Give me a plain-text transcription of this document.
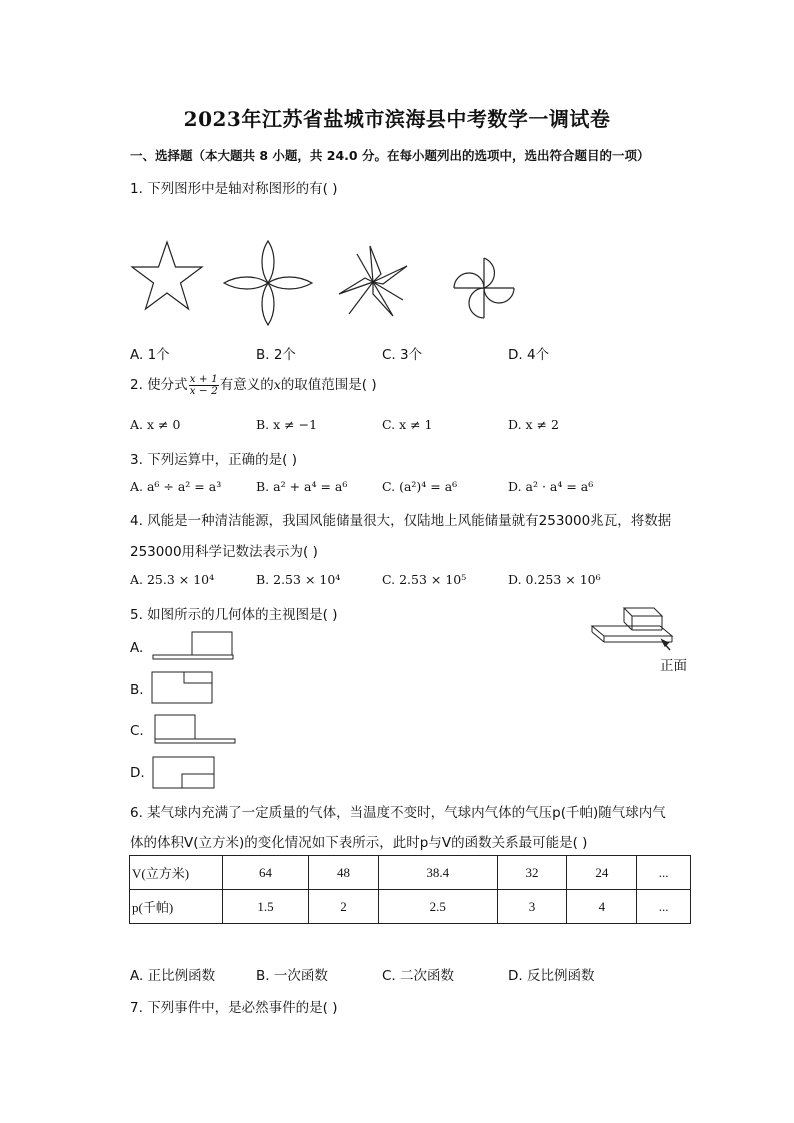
2023年江苏省盐城市滨海县中考数学一调试卷
一、选择题（本大题共 8 小题，共 24.0 分。在每小题列出的选项中，选出符合题目的一项）
1. 下列图形中是轴对称图形的有( )
A. 1个	B. 2个	C. 3个	D. 4个
2. 使分式 $\frac{x + 1}{x - 2}$ 有意义的x的取值范围是( )
A. x ≠ 0	B. x ≠ −1	C. x ≠ 1	D. x ≠ 2
3. 下列运算中，正确的是( )
A. a⁶ ÷ a² = a³	B. a² + a⁴ = a⁶	C. (a²)⁴ = a⁶	D. a² · a⁴ = a⁶
4. 风能是一种清洁能源，我国风能储量很大，仅陆地上风能储量就有253000兆瓦，将数据
253000用科学记数法表示为( )
A. 25.3 × 10⁴	B. 2.53 × 10⁴	C. 2.53 × 10⁵	D. 0.253 × 10⁶
5. 如图所示的几何体的主视图是( )
正面
A.
B.
C.
D.
6. 某气球内充满了一定质量的气体，当温度不变时，气球内气体的气压p(千帕)随气球内气
体的体积V(立方米)的变化情况如下表所示，此时p与V的函数关系最可能是( )
V(立方米)	64	48	38.4	32	24	...
p(千帕)	1.5	2	2.5	3	4	...
A. 正比例函数	B. 一次函数	C. 二次函数	D. 反比例函数
7. 下列事件中，是必然事件的是( )
